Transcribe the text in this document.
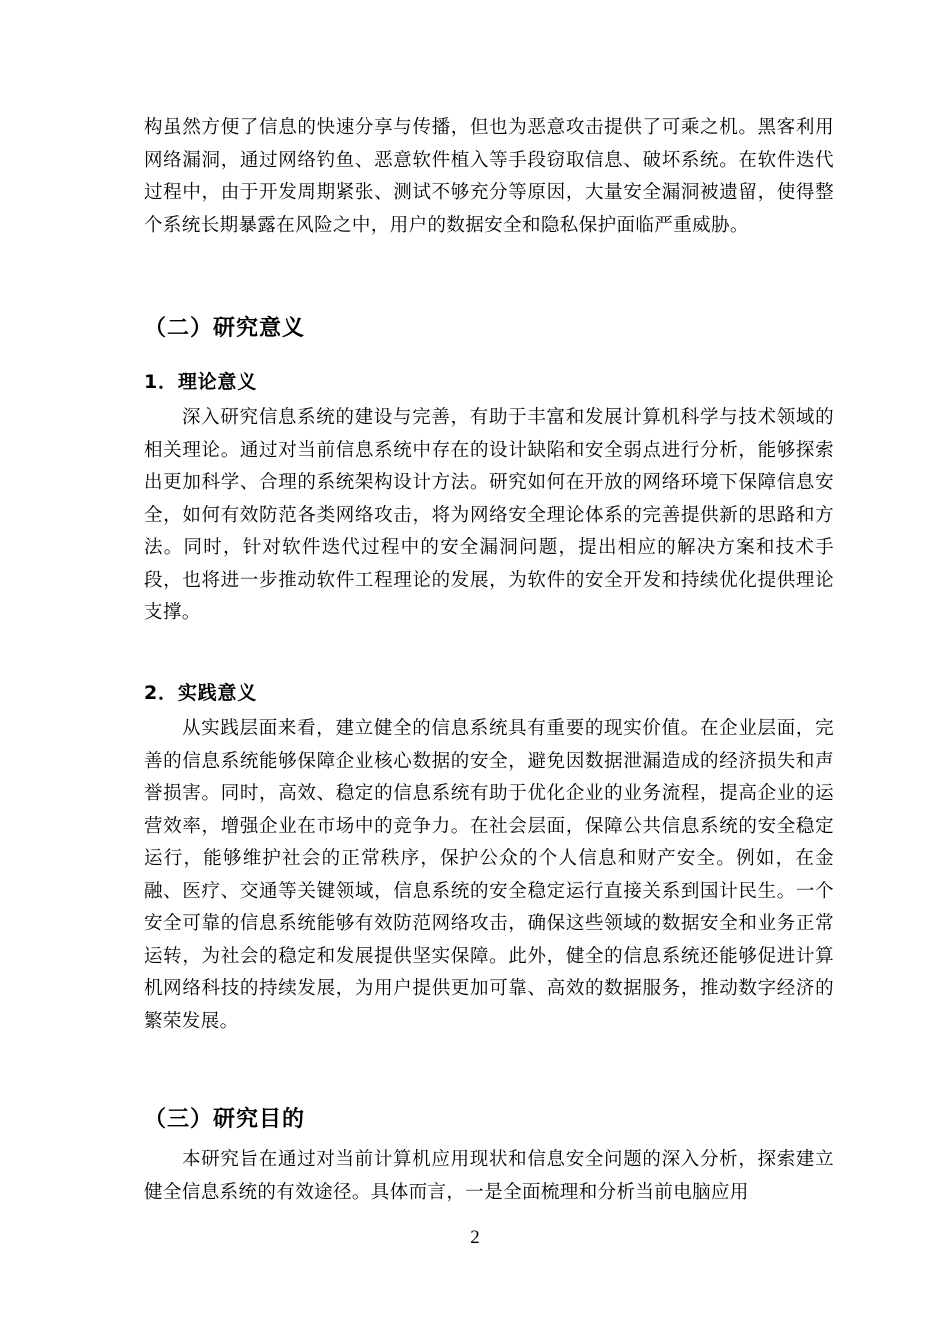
构虽然方便了信息的快速分享与传播，但也为恶意攻击提供了可乘之机。黑客利用网络漏洞，通过网络钓鱼、恶意软件植入等手段窃取信息、破坏系统。在软件迭代过程中，由于开发周期紧张、测试不够充分等原因，大量安全漏洞被遗留，使得整个系统长期暴露在风险之中，用户的数据安全和隐私保护面临严重威胁。

（二）研究意义
1．理论意义

深入研究信息系统的建设与完善，有助于丰富和发展计算机科学与技术领域的相关理论。通过对当前信息系统中存在的设计缺陷和安全弱点进行分析，能够探索出更加科学、合理的系统架构设计方法。研究如何在开放的网络环境下保障信息安全，如何有效防范各类网络攻击，将为网络安全理论体系的完善提供新的思路和方法。同时，针对软件迭代过程中的安全漏洞问题，提出相应的解决方案和技术手段，也将进一步推动软件工程理论的发展，为软件的安全开发和持续优化提供理论支撑。

2．实践意义

从实践层面来看，建立健全的信息系统具有重要的现实价值。在企业层面，完善的信息系统能够保障企业核心数据的安全，避免因数据泄漏造成的经济损失和声誉损害。同时，高效、稳定的信息系统有助于优化企业的业务流程，提高企业的运营效率，增强企业在市场中的竞争力。在社会层面，保障公共信息系统的安全稳定运行，能够维护社会的正常秩序，保护公众的个人信息和财产安全。例如，在金融、医疗、交通等关键领域，信息系统的安全稳定运行直接关系到国计民生。一个安全可靠的信息系统能够有效防范网络攻击，确保这些领域的数据安全和业务正常运转，为社会的稳定和发展提供坚实保障。此外，健全的信息系统还能够促进计算机网络科技的持续发展，为用户提供更加可靠、高效的数据服务，推动数字经济的繁荣发展。

（三）研究目的

本研究旨在通过对当前计算机应用现状和信息安全问题的深入分析，探索建立健全信息系统的有效途径。具体而言，一是全面梳理和分析当前电脑应用

2
